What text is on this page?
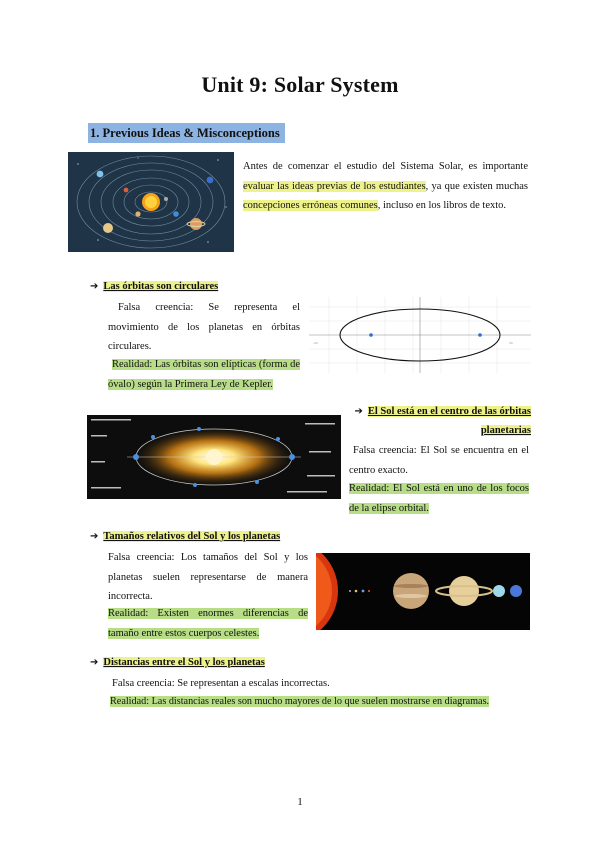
Unit 9: Solar System
1. Previous Ideas & Misconceptions
Antes de comenzar el estudio del Sistema Solar, es importante evaluar las ideas previas de los estudiantes, ya que existen muchas concepciones erróneas comunes, incluso en los libros de texto.
➔ Las órbitas son circulares
Falsa creencia: Se representa el movimiento de los planetas en órbitas circulares.
Realidad: Las órbitas son elípticas (forma de óvalo) según la Primera Ley de Kepler.
-20	20
➔ El Sol está en el centro de las órbitas planetarias
Falsa creencia: El Sol se encuentra en el centro exacto.
Realidad: El Sol está en uno de los focos de la elipse orbital.
➔ Tamaños relativos del Sol y los planetas
Falsa creencia: Los tamaños del Sol y los planetas suelen representarse de manera incorrecta.
Realidad: Existen enormes diferencias de tamaño entre estos cuerpos celestes.
➔ Distancias entre el Sol y los planetas
Falsa creencia: Se representan a escalas incorrectas.
Realidad: Las distancias reales son mucho mayores de lo que suelen mostrarse en diagramas.
1
